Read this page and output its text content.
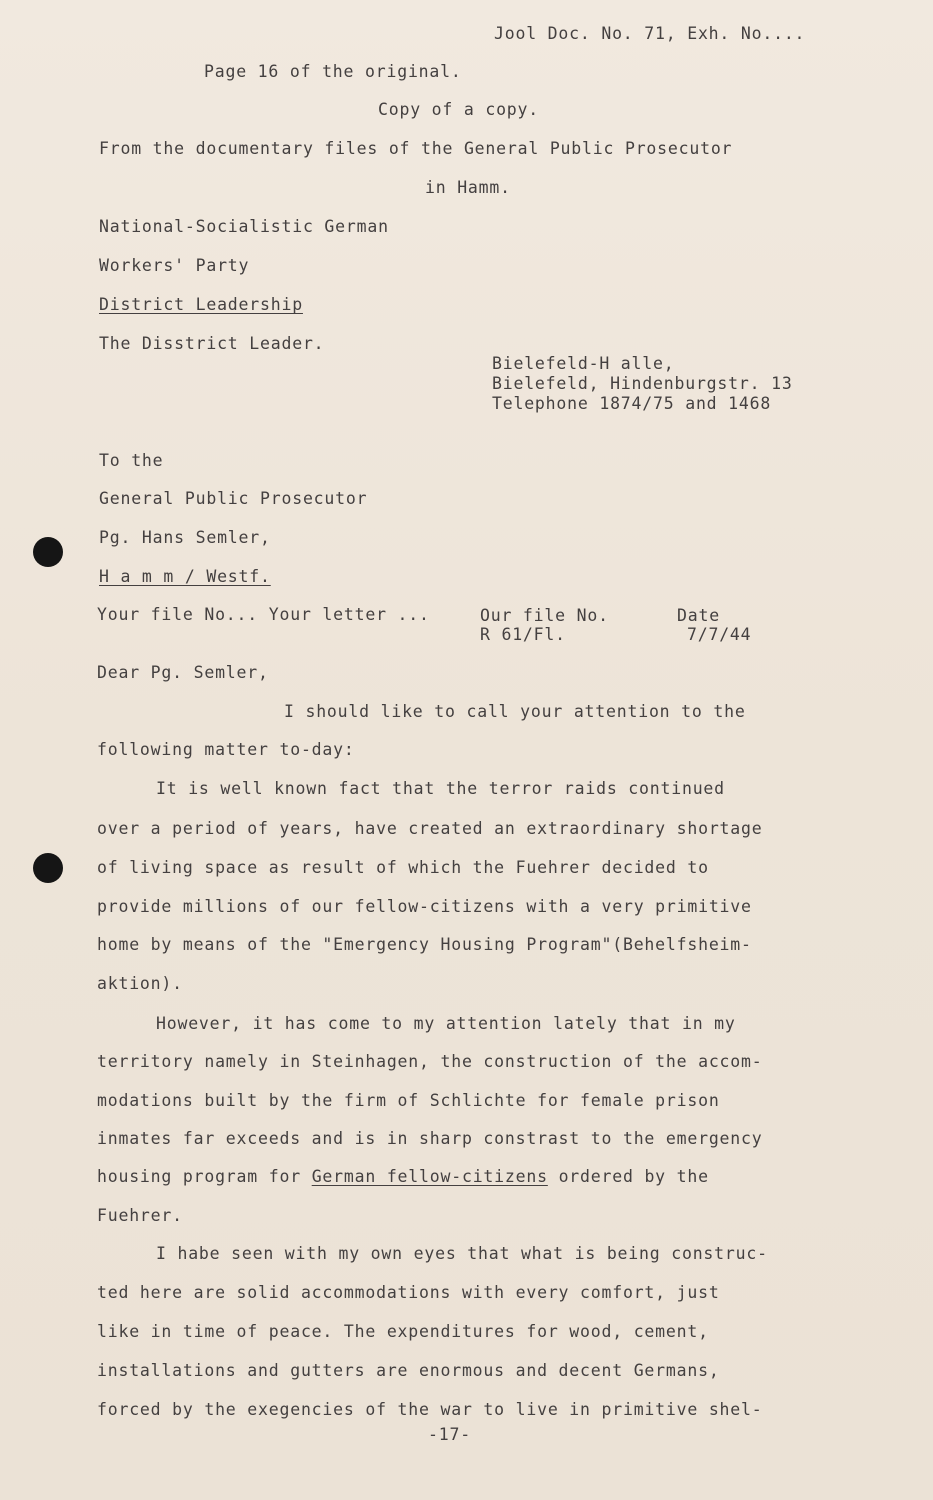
Jool Doc. No. 71, Exh. No....
Page 16 of the original.
Copy of a copy.
From the documentary files of the General Public Prosecutor
in Hamm.
National-Socialistic German
Workers' Party
District Leadership
The Disstrict Leader.
Bielefeld-H alle,
Bielefeld, Hindenburgstr. 13
Telephone 1874/75 and 1468
To the
General Public Prosecutor
Pg. Hans Semler,
H a m m / Westf.
Your file No... Your letter ...	Our file No.
R 61/Fl.
Date
7/7/44
Dear Pg. Semler,
I should like to call your attention to the
following matter to-day:
It is well known fact that the terror raids continued
over a period of years, have created an extraordinary shortage
of living space as result of which the Fuehrer decided to
provide millions of our fellow-citizens with a very primitive
home by means of the "Emergency Housing Program"(Behelfsheim-
aktion).
However, it has come to my attention lately that in my
territory namely in Steinhagen, the construction of the accom-
modations built by the firm of Schlichte for female prison
inmates far exceeds and is in sharp constrast to the emergency
housing program for German fellow-citizens ordered by the
Fuehrer.
I habe seen with my own eyes that what is being construc-
ted here are solid accommodations with every comfort, just
like in time of peace. The expenditures for wood, cement,
installations and gutters are enormous and decent Germans,
forced by the exegencies of the war to live in primitive shel-
-17-
